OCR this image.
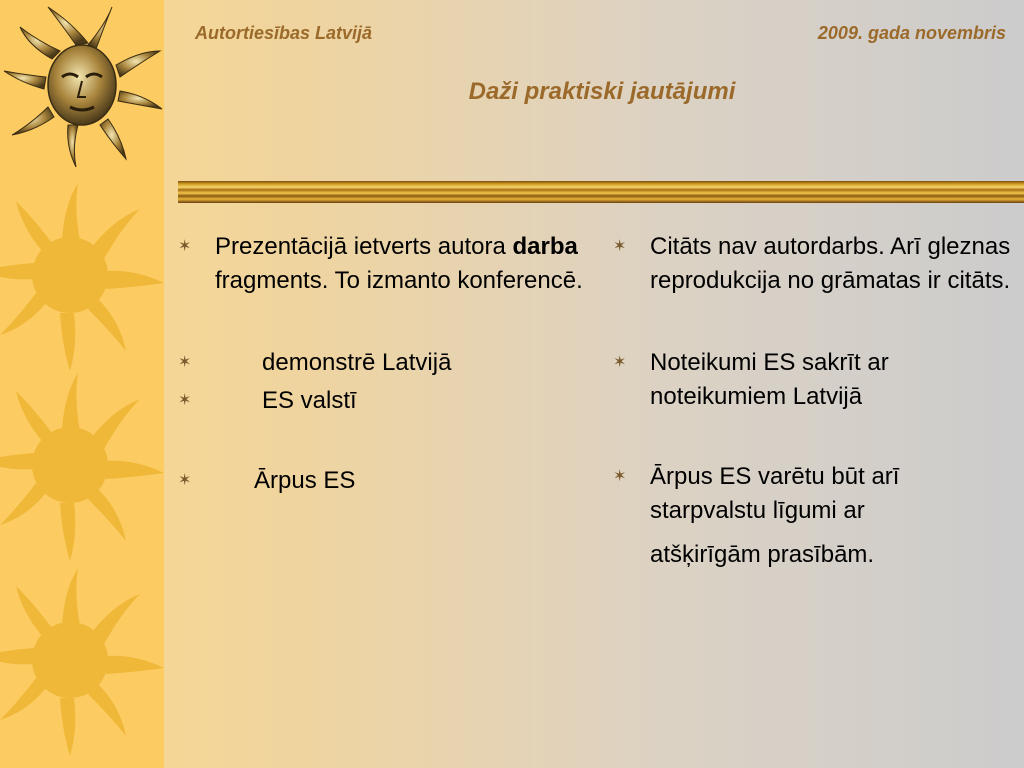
Autortiesības Latvijā	2009. gada novembris

Daži praktiski jautājumi
✶ Prezentācijā ietverts autora darba fragments. To izmanto konferencē.
✶	demonstrē Latvijā
✶	ES valstī
✶	Ārpus ES
✶ Citāts nav autordarbs. Arī gleznas reprodukcija no grāmatas ir citāts.
✶ Noteikumi ES sakrīt ar noteikumiem Latvijā
✶ Ārpus ES varētu būt arī starpvalstu līgumi ar
atšķirīgām prasībām.
